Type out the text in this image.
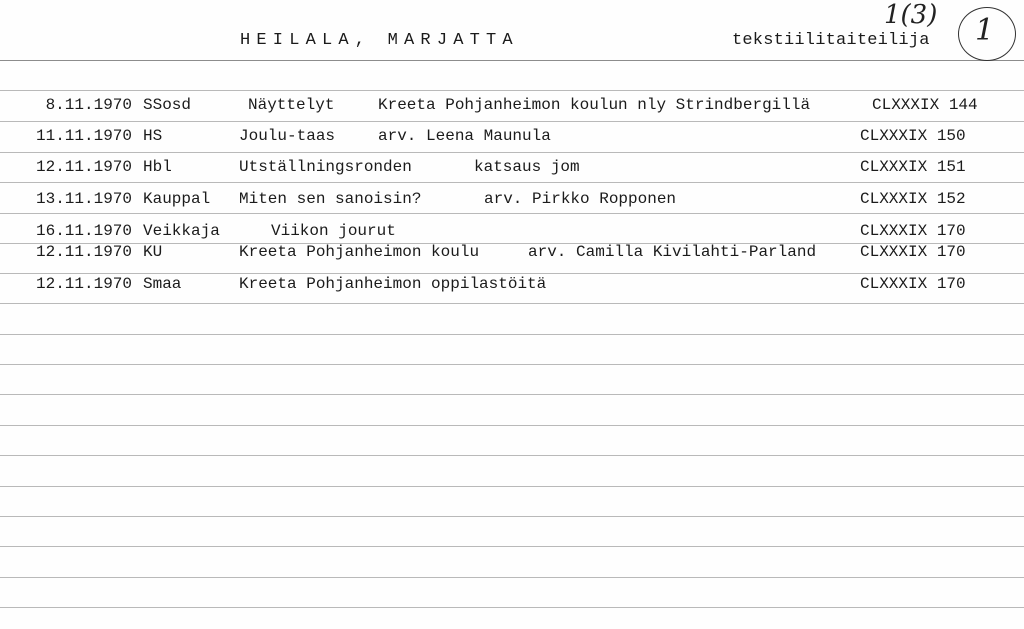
HEILALA, MARJATTA	tekstiilitaiteilija
1(3) 1
8.11.1970 SSosd	Näyttelyt	Kreeta Pohjanheimon koulun nly Strindbergillä	CLXXXIX 144
11.11.1970 HS	Joulu-taas	arv. Leena Maunula	CLXXXIX 150
12.11.1970 Hbl	Utställningsronden	katsaus jom	CLXXXIX 151
13.11.1970 Kauppal Miten sen sanoisin?	arv. Pirkko Ropponen	CLXXXIX 152
16.11.1970 Veikkaja	Viikon jourut	CLXXXIX 170
12.11.1970 KU	Kreeta Pohjanheimon koulu	arv. Camilla Kivilahti-Parland	CLXXXIX 170
12.11.1970 Smaa	Kreeta Pohjanheimon oppilastöitä	CLXXXIX 170
